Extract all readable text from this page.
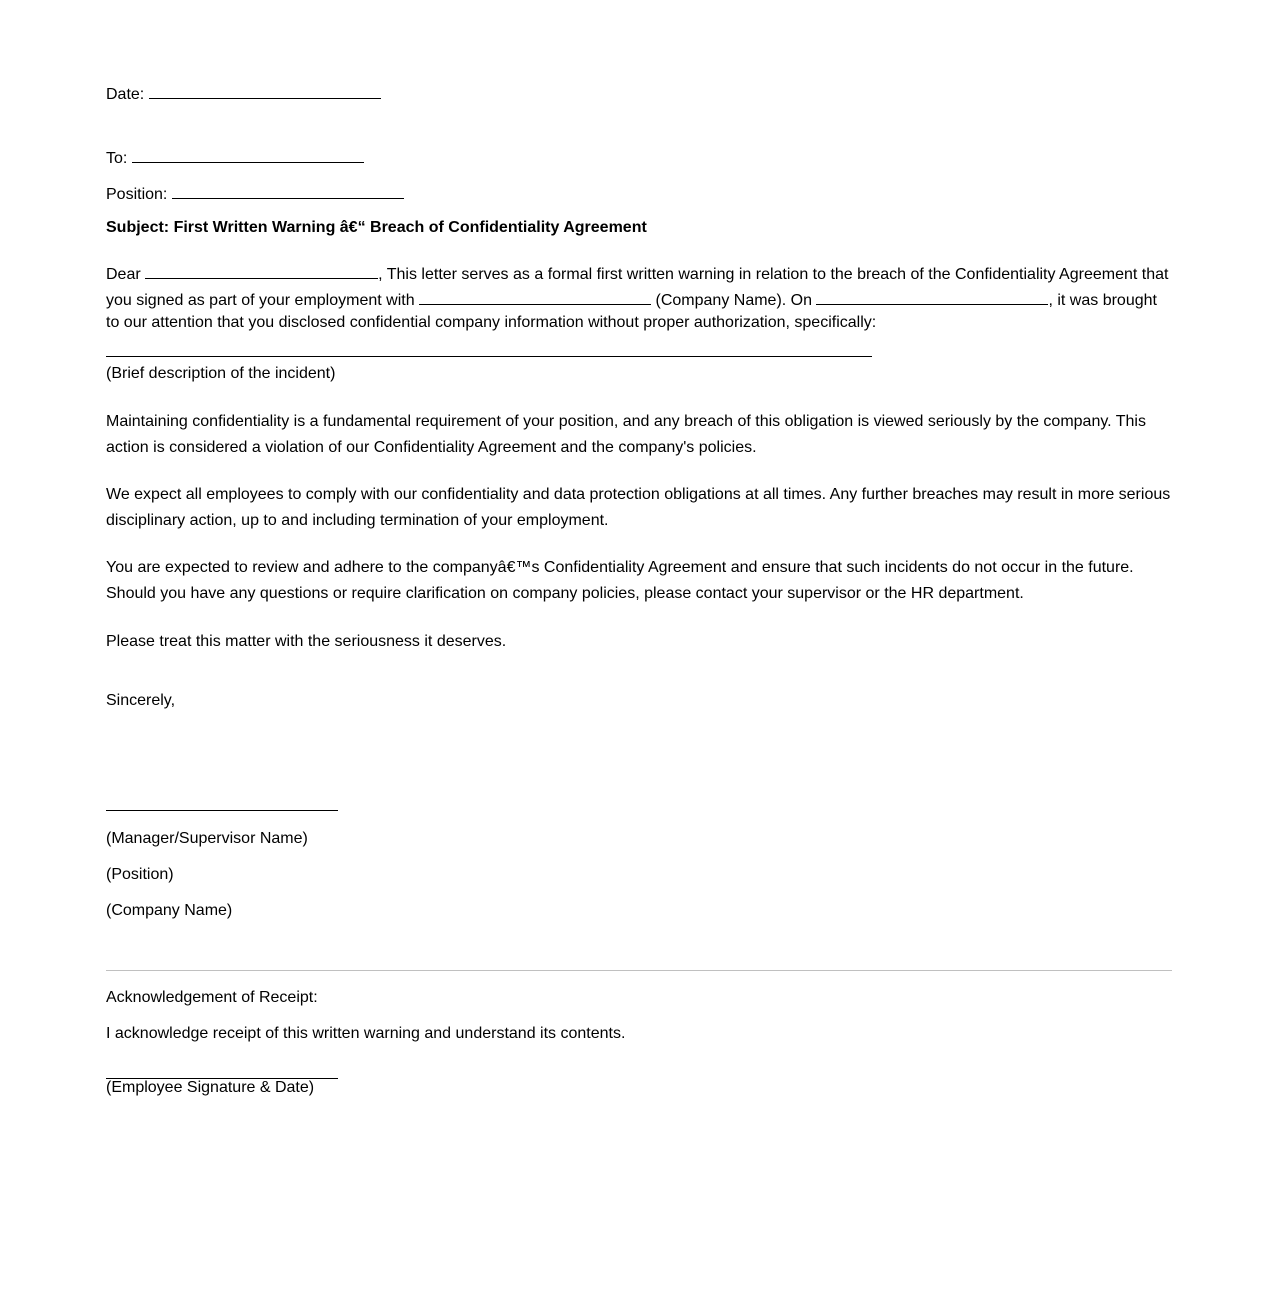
Date:
To:
Position:
Subject: First Written Warning â€“ Breach of Confidentiality Agreement
Dear	, This letter serves as a formal first written warning in relation to the breach of the Confidentiality Agreement that
you signed as part of your employment with	(Company Name). On	, it was brought
to our attention that you disclosed confidential company information without proper authorization, specifically:
(Brief description of the incident)
Maintaining confidentiality is a fundamental requirement of your position, and any breach of this obligation is viewed seriously by the company. This action is considered a violation of our Confidentiality Agreement and the company's policies.
We expect all employees to comply with our confidentiality and data protection obligations at all times. Any further breaches may result in more serious disciplinary action, up to and including termination of your employment.
You are expected to review and adhere to the companyâ€™s Confidentiality Agreement and ensure that such incidents do not occur in the future. Should you have any questions or require clarification on company policies, please contact your supervisor or the HR department.
Please treat this matter with the seriousness it deserves.
Sincerely,
(Manager/Supervisor Name)
(Position)
(Company Name)
Acknowledgement of Receipt:
I acknowledge receipt of this written warning and understand its contents.
(Employee Signature & Date)
